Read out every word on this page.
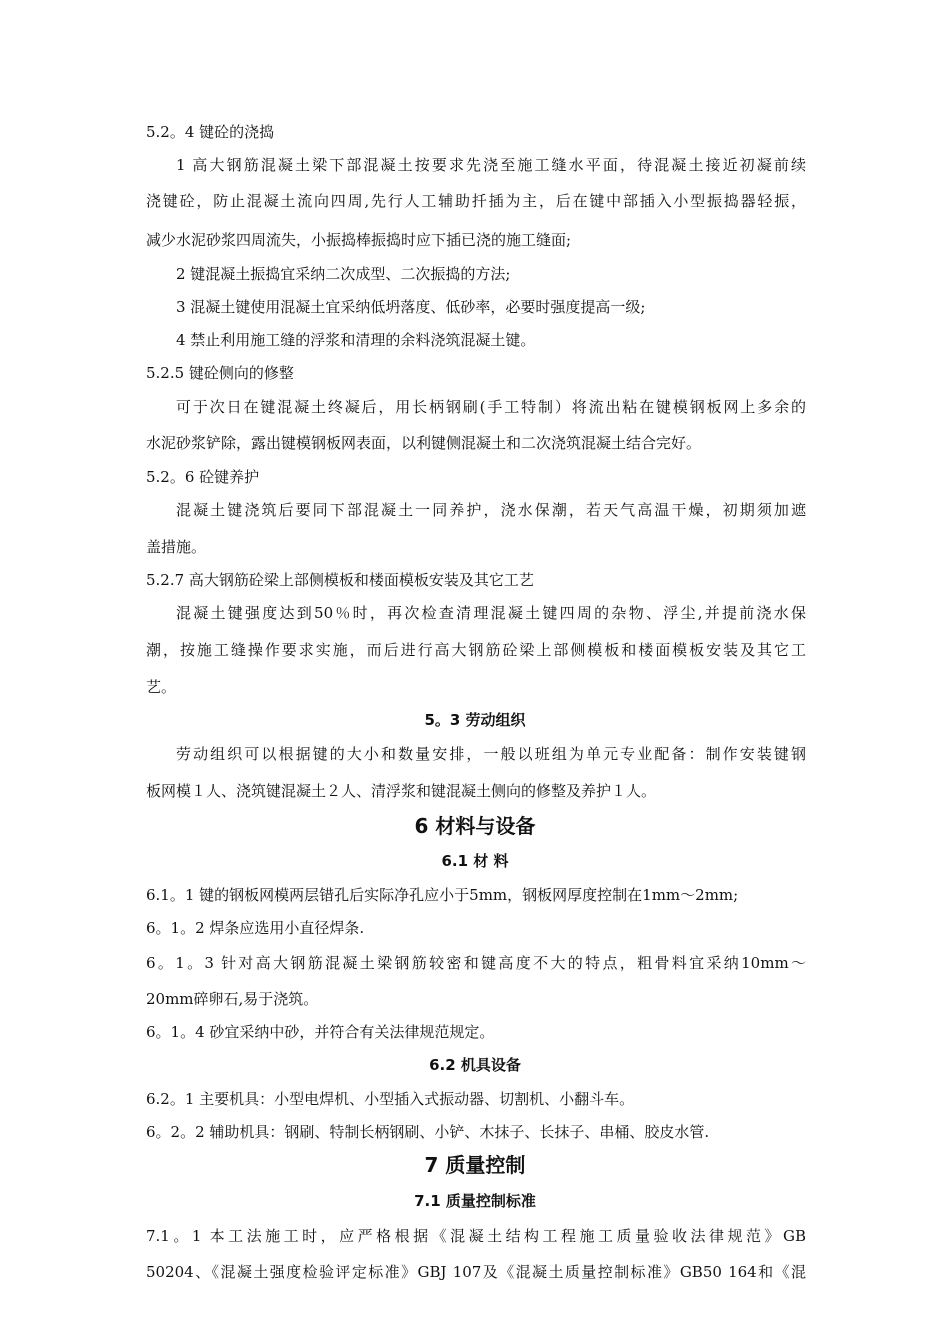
5.2。4 键砼的浇捣
1 高大钢筋混凝土梁下部混凝土按要求先浇至施工缝水平面，待混凝土接近初凝前续
浇键砼，防止混凝土流向四周,先行人工辅助扦插为主，后在键中部插入小型振捣器轻振，
减少水泥砂浆四周流失，小振捣棒振捣时应下插已浇的施工缝面;
2 键混凝土振捣宜采纳二次成型、二次振捣的方法;
3 混凝土键使用混凝土宜采纳低坍落度、低砂率，必要时强度提高一级;
4 禁止利用施工缝的浮浆和清理的余料浇筑混凝土键。
5.2.5 键砼侧向的修整
可于次日在键混凝土终凝后，用长柄钢刷(手工特制）将流出粘在键模钢板网上多余的
水泥砂浆铲除，露出键模钢板网表面，以利键侧混凝土和二次浇筑混凝土结合完好。
5.2。6 砼键养护
混凝土键浇筑后要同下部混凝土一同养护，浇水保潮，若天气高温干燥，初期须加遮
盖措施。
5.2.7 高大钢筋砼梁上部侧模板和楼面模板安装及其它工艺
混凝土键强度达到50％时，再次检查清理混凝土键四周的杂物、浮尘,并提前浇水保
潮，按施工缝操作要求实施，而后进行高大钢筋砼梁上部侧模板和楼面模板安装及其它工
艺。
5。3 劳动组织
劳动组织可以根据键的大小和数量安排，一般以班组为单元专业配备：制作安装键钢
板网模１人、浇筑键混凝土２人、清浮浆和键混凝土侧向的修整及养护１人。
6 材料与设备
6.1 材 料
6.1。1 键的钢板网模两层错孔后实际净孔应小于5mm，钢板网厚度控制在1mm～2mm;
6。1。2 焊条应选用小直径焊条.
6。1。3 针对高大钢筋混凝土梁钢筋较密和键高度不大的特点，粗骨料宜采纳10mm～
20mm碎卵石,易于浇筑。
6。1。4 砂宜采纳中砂，并符合有关法律规范规定。
6.2 机具设备
6.2。1 主要机具：小型电焊机、小型插入式振动器、切割机、小翻斗车。
6。2。2 辅助机具：钢刷、特制长柄钢刷、小铲、木抹子、长抹子、串桶、胶皮水管.
7 质量控制
7.1 质量控制标准
7.1。1 本工法施工时，应严格根据《混凝土结构工程施工质量验收法律规范》GB
50204、《混凝土强度检验评定标准》GBJ 107及《混凝土质量控制标准》GB50 164和《混
